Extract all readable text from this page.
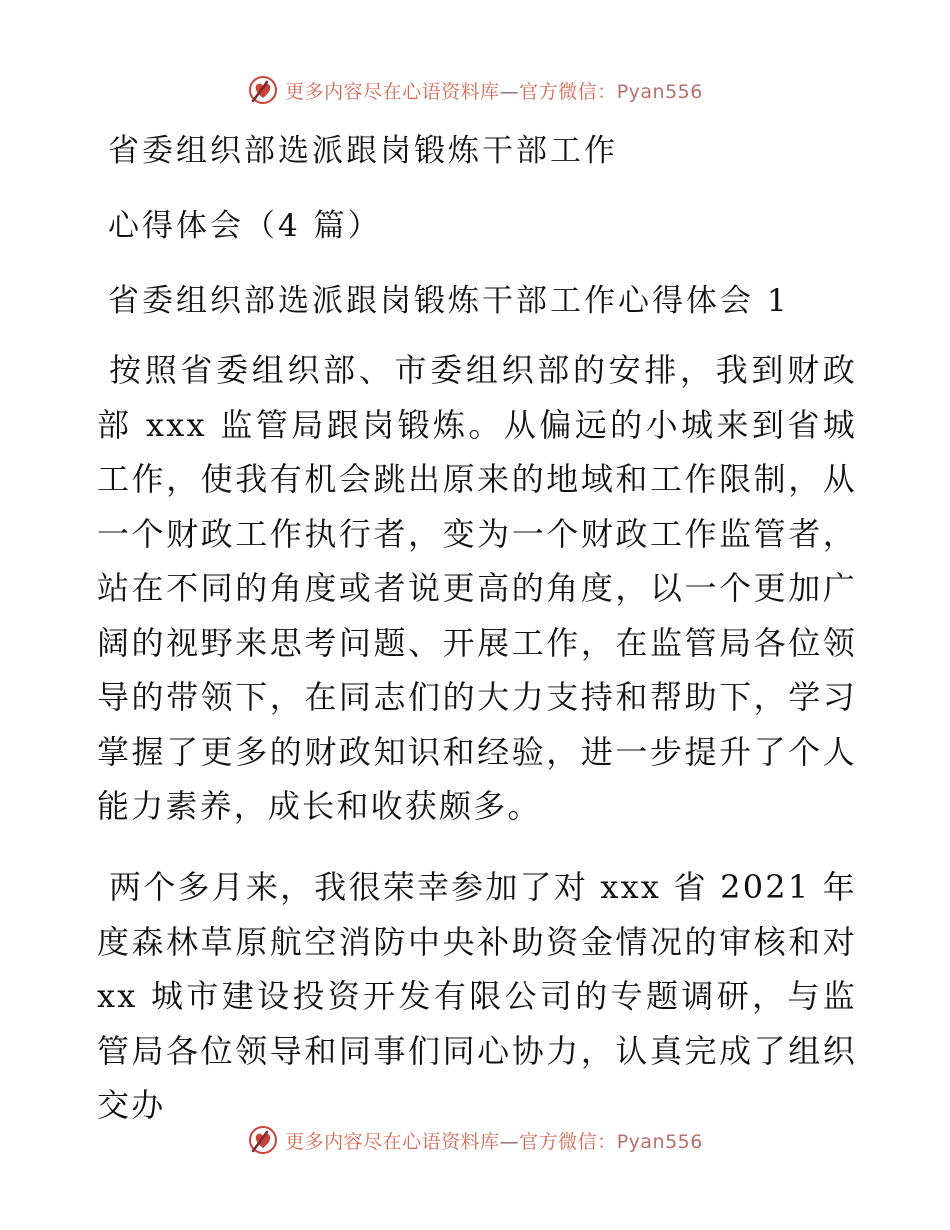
更多内容尽在心语资料库—官方微信：Pyan556
省委组织部选派跟岗锻炼干部工作
心得体会（4 篇）
省委组织部选派跟岗锻炼干部工作心得体会 1

按照省委组织部、市委组织部的安排，我到财政部 xxx 监管局跟岗锻炼。从偏远的小城来到省城工作，使我有机会跳出原来的地域和工作限制，从一个财政工作执行者，变为一个财政工作监管者，站在不同的角度或者说更高的角度，以一个更加广阔的视野来思考问题、开展工作，在监管局各位领导的带领下，在同志们的大力支持和帮助下，学习掌握了更多的财政知识和经验，进一步提升了个人能力素养，成长和收获颇多。

两个多月来，我很荣幸参加了对 xxx 省 2021 年度森林草原航空消防中央补助资金情况的审核和对 xx 城市建设投资开发有限公司的专题调研，与监管局各位领导和同事们同心协力，认真完成了组织交办

更多内容尽在心语资料库—官方微信：Pyan556
